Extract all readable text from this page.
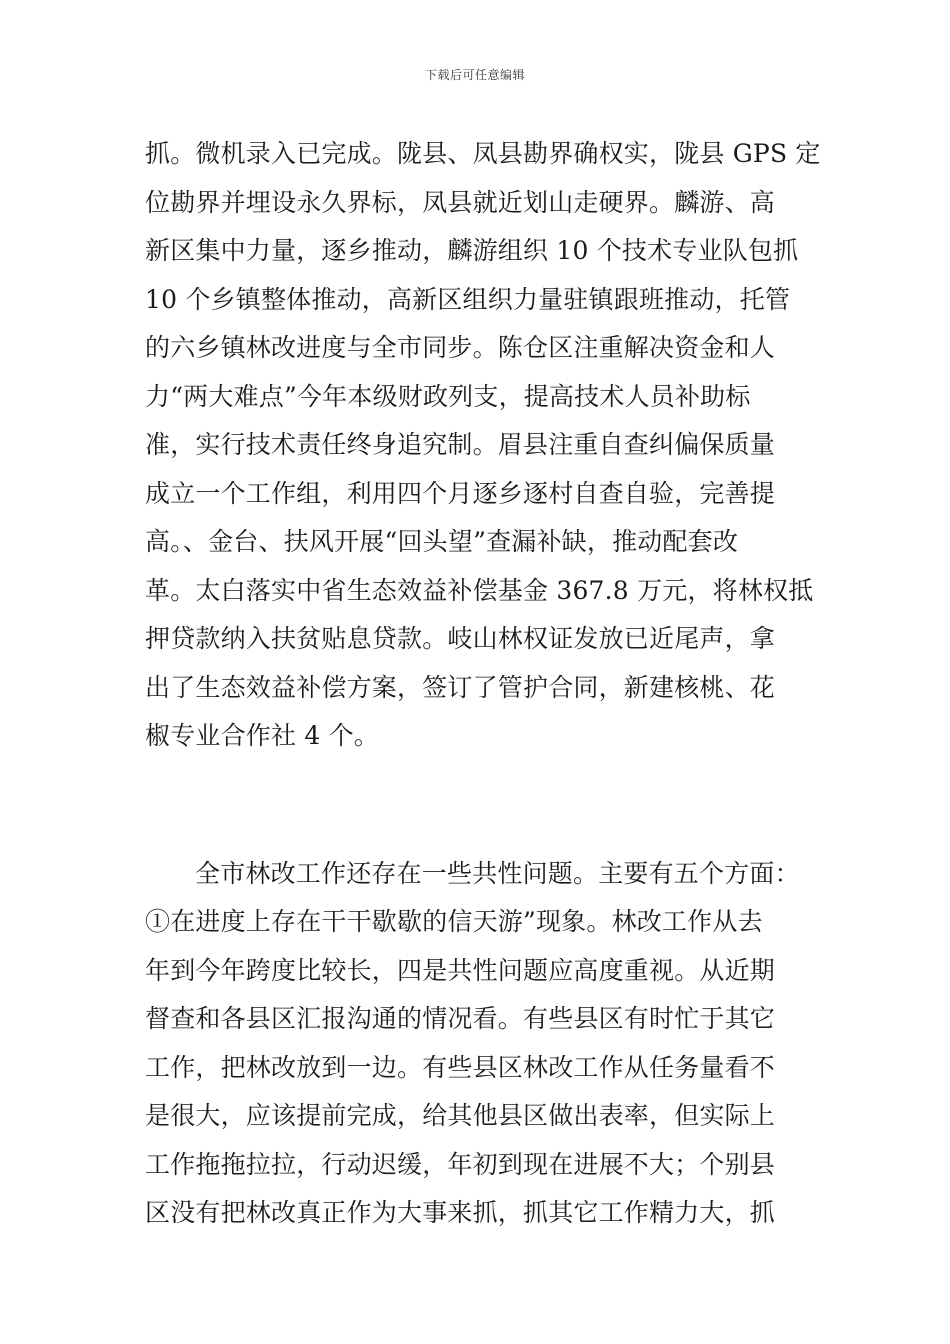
下载后可任意编辑
抓。微机录入已完成。陇县、凤县勘界确权实，陇县 GPS 定
位勘界并埋设永久界标，凤县就近划山走硬界。麟游、高
新区集中力量，逐乡推动，麟游组织 10 个技术专业队包抓
10 个乡镇整体推动，高新区组织力量驻镇跟班推动，托管
的六乡镇林改进度与全市同步。陈仓区注重解决资金和人
力“两大难点”今年本级财政列支，提高技术人员补助标
准，实行技术责任终身追究制。眉县注重自查纠偏保质量
成立一个工作组，利用四个月逐乡逐村自查自验，完善提
高。、金台、扶风开展“回头望”查漏补缺，推动配套改
革。太白落实中省生态效益补偿基金 367.8 万元，将林权抵
押贷款纳入扶贫贴息贷款。岐山林权证发放已近尾声，拿
出了生态效益补偿方案，签订了管护合同，新建核桃、花
椒专业合作社 4 个。
全市林改工作还存在一些共性问题。主要有五个方面：
①在进度上存在干干歇歇的信天游”现象。林改工作从去
年到今年跨度比较长，四是共性问题应高度重视。从近期
督查和各县区汇报沟通的情况看。有些县区有时忙于其它
工作，把林改放到一边。有些县区林改工作从任务量看不
是很大，应该提前完成，给其他县区做出表率，但实际上
工作拖拖拉拉，行动迟缓，年初到现在进展不大；个别县
区没有把林改真正作为大事来抓，抓其它工作精力大，抓
